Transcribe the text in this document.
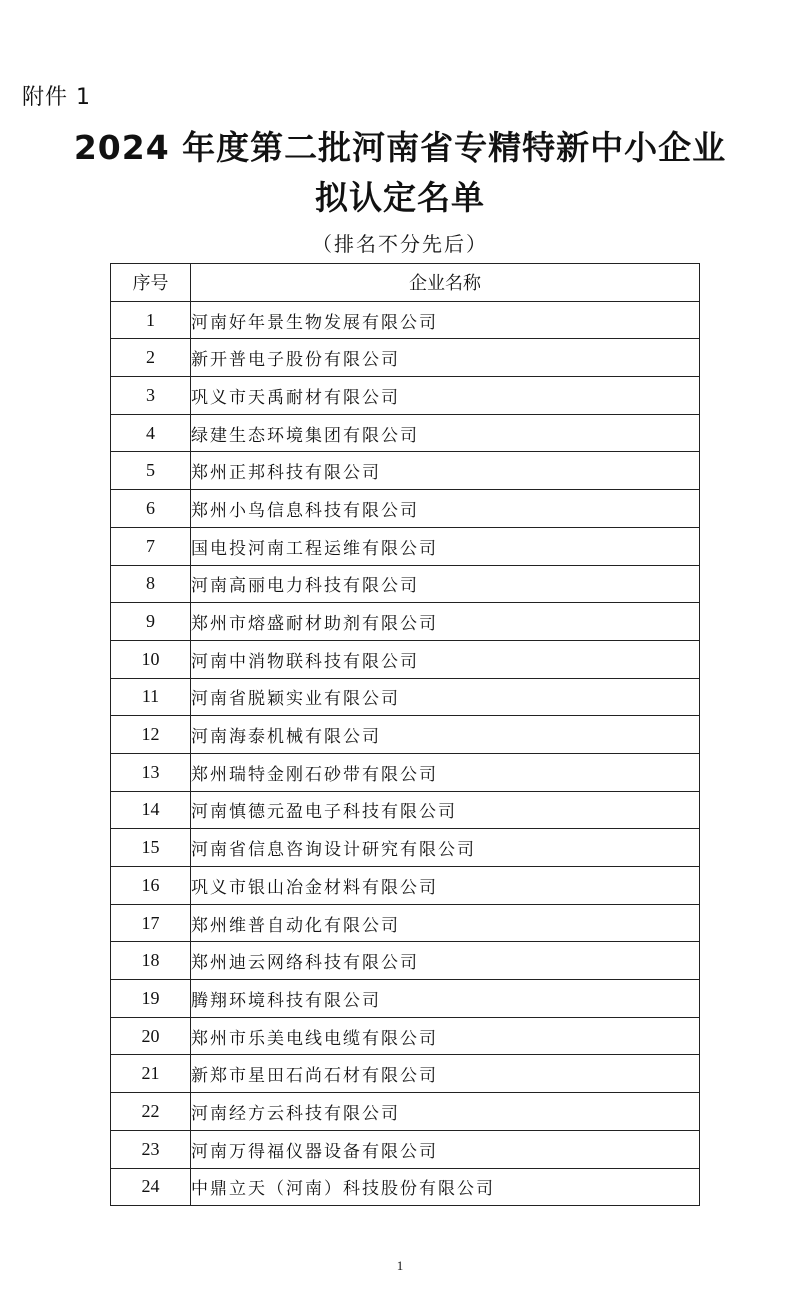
附件 1
2024 年度第二批河南省专精特新中小企业
拟认定名单
（排名不分先后）
序号	企业名称
1	河南好年景生物发展有限公司
2	新开普电子股份有限公司
3	巩义市天禹耐材有限公司
4	绿建生态环境集团有限公司
5	郑州正邦科技有限公司
6	郑州小鸟信息科技有限公司
7	国电投河南工程运维有限公司
8	河南高丽电力科技有限公司
9	郑州市熔盛耐材助剂有限公司
10	河南中消物联科技有限公司
11	河南省脱颖实业有限公司
12	河南海泰机械有限公司
13	郑州瑞特金刚石砂带有限公司
14	河南慎德元盈电子科技有限公司
15	河南省信息咨询设计研究有限公司
16	巩义市银山冶金材料有限公司
17	郑州维普自动化有限公司
18	郑州迪云网络科技有限公司
19	腾翔环境科技有限公司
20	郑州市乐美电线电缆有限公司
21	新郑市星田石尚石材有限公司
22	河南经方云科技有限公司
23	河南万得福仪器设备有限公司
24	中鼎立天（河南）科技股份有限公司
1
